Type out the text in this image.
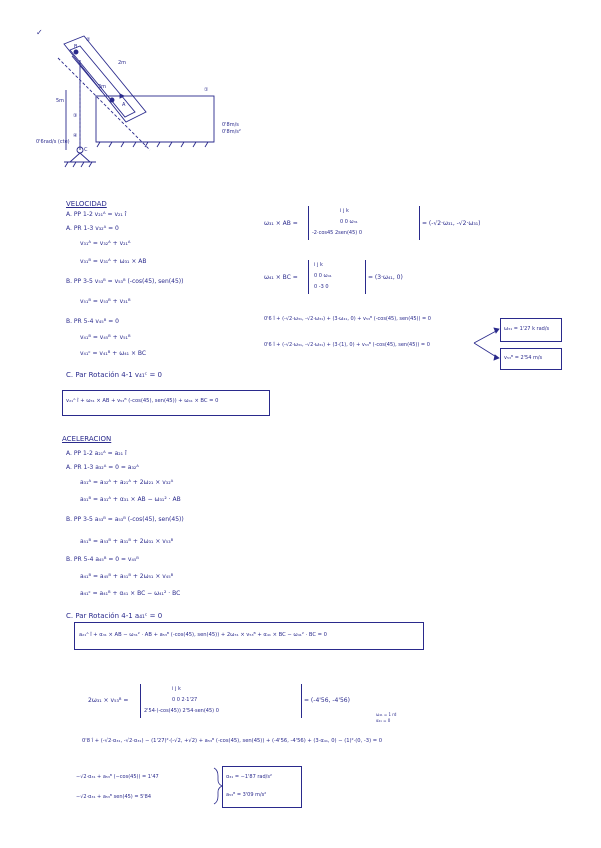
✓
②
①
③
④
C
A
B
5m
2m
3m
0'8m/s
0'8m/s²
0'6rad/s (cte)
VELOCIDAD
A. PP 1-2 v₂₁ᴬ = v₂₁ î
A. PR 1-3 v₃₂ᴬ = 0
v₃₁ᴬ = v₃₂ᴬ + v₂₁ᴬ
v₃₁ᴮ = v₃₁ᴬ + ω₃₁ × AB
B. PP 3-5 v₅₃ᴮ = v₅₃ᴮ (-cos(45), sen(45))
v₅₁ᴮ = v₅₃ᴮ + v₃₁ᴮ
B. PR 5-4 v₄₅ᴮ = 0
v₄₁ᴮ = v₄₅ᴮ + v₅₁ᴮ
v₄₁ᶜ = v₄₁ᴮ + ω₄₁ × BC
C. Par Rotación 4-1 v₄₁ᶜ = 0
v₂₁ᴬ î + ω₃₁ × AB + v₅₃ᴮ (-cos(45), sen(45)) + ω₄₁ × BC = 0
ω₃₁ × AB =
i j k
0 0 ω₃₁
-2·cos45 2sen(45) 0
= (-√2·ω₃₁, -√2·ω₃₁)
ω₄₁ × BC =
i j k
0 0 ω₄₁
0 -3 0
= (3·ω₄₁, 0)
0'6 î + (-√2·ω₃₁, -√2·ω₃₁) + (3·ω₄₁, 0) + v₅₃ᴮ (-cos(45), sen(45)) = 0
0'6 î + (-√2·ω₃₁, -√2·ω₃₁) + (3·(1), 0) + v₅₃ᴮ (-cos(45), sen(45)) = 0
ω₃₁ = 1'27 k rad/s
v₅₃ᴮ = 2'54 m/s
ACELERACION
A. PP 1-2 a₂₁ᴬ = a₂₁ î
A. PR 1-3 a₃₂ᴬ = 0 = a₃₂ᴬ
a₃₁ᴬ = a₃₂ᴬ + a₂₁ᴬ + 2ω₂₁ × v₃₂ᴬ
a₃₁ᴮ = a₃₁ᴬ + α₃₁ × AB − ω₃₁² · AB
B. PP 3-5 a₅₃ᴮ = a₅₃ᴮ (-cos(45), sen(45))
a₅₁ᴮ = a₅₃ᴮ + a₃₁ᴮ + 2ω₃₁ × v₅₃ᴮ
B. PR 5-4 a₄₅ᴮ = 0 = v₄₅ᴮ
a₄₁ᴮ = a₄₅ᴮ + a₅₁ᴮ + 2ω₅₁ × v₄₅ᴮ
a₄₁ᶜ = a₄₁ᴮ + α₄₁ × BC − ω₄₁² · BC
C. Par Rotación 4-1 a₄₁ᶜ = 0
a₂₁ᴬ î + α₃₁ × AB − ω₃₁² · AB + a₅₃ᴮ (-cos(45), sen(45)) + 2ω₃₁ × v₅₃ᴮ + α₄₁ × BC − ω₄₁² · BC = 0
2ω₃₁ × v₅₃ᴮ =
i j k
0 0 2·1'27
2'54·(-cos(45)) 2'54·sen(45) 0
= (-4'56, -4'56)
ω₄₁ = 1 rd
α₄₁ = 0
0'8 î + (-√2·α₃₁, -√2·α₃₁) − (1'27)²·(-√2, +√2) + a₅₃ᴮ (-cos(45), sen(45)) + (-4'56, -4'56) + (3·α₄₁, 0) − (1)²·(0, -3) = 0
−√2·α₃₁ + a₅₃ᴮ (−cos(45)) = 1'47
−√2·α₃₁ + a₅₃ᴮ sen(45) = 5'84
α₃₁ = −1'87 rad/s²
a₅₃ᴮ = 3'09 m/s²
